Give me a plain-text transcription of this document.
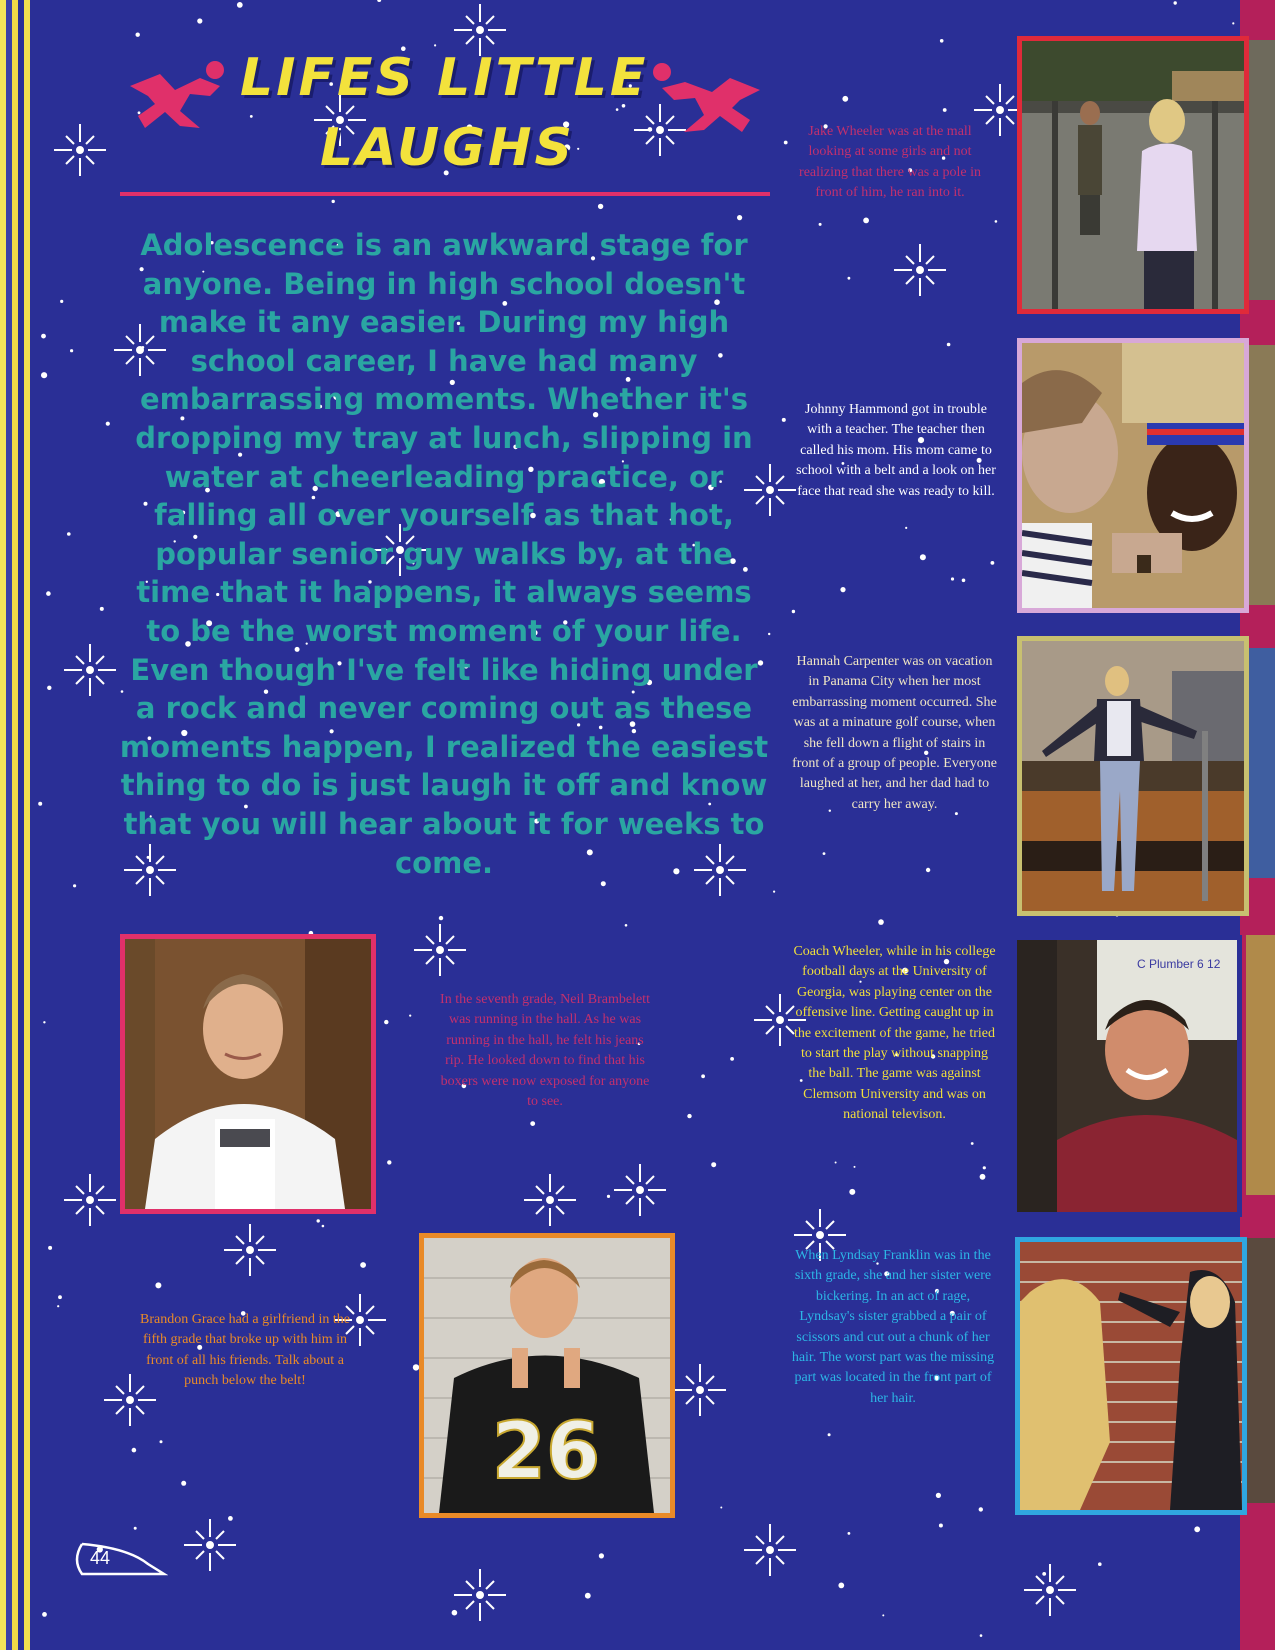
LIFES LITTLE
LAUGHS
Adolescence is an awkward stage for anyone. Being in high school doesn't make it any easier. During my high school career, I have had many embarrassing moments. Whether it's dropping my tray at lunch, slipping in water at cheerleading practice, or falling all over yourself as that hot, popular senior guy walks by, at the time that it happens, it always seems to be the worst moment of your life. Even though I've felt like hiding under a rock and never coming out as these moments happen, I realized the easiest thing to do is just laugh it off and know that you will hear about it for weeks to come.
C Plumber 6 12
26
Jake Wheeler was at the mall looking at some girls and not realizing that there was a pole in front of him, he ran into it.
Johnny Hammond got in trouble with a teacher. The teacher then called his mom. His mom came to school with a belt and a look on her face that read she was ready to kill.
Hannah Carpenter was on vacation in Panama City when her most embarrassing moment occurred. She was at a minature golf course, when she fell down a flight of stairs in front of a group of people. Everyone laughed at her, and her dad had to carry her away.
Coach Wheeler, while in his college football days at the University of Georgia, was playing center on the offensive line. Getting caught up in the excitement of the game, he tried to start the play without snapping the ball. The game was against Clemsom University and was on national televison.
When Lyndsay Franklin was in the sixth grade, she and her sister were bickering. In an act of rage, Lyndsay's sister grabbed a pair of scissors and cut out a chunk of her hair. The worst part was the missing part was located in the front part of her hair.
In the seventh grade, Neil Brambelett was running in the hall. As he was running in the hall, he felt his jeans rip. He looked down to find that his boxers were now exposed for anyone to see.
Brandon Grace had a girlfriend in the fifth grade that broke up with him in front of all his friends. Talk about a punch below the belt!
44
